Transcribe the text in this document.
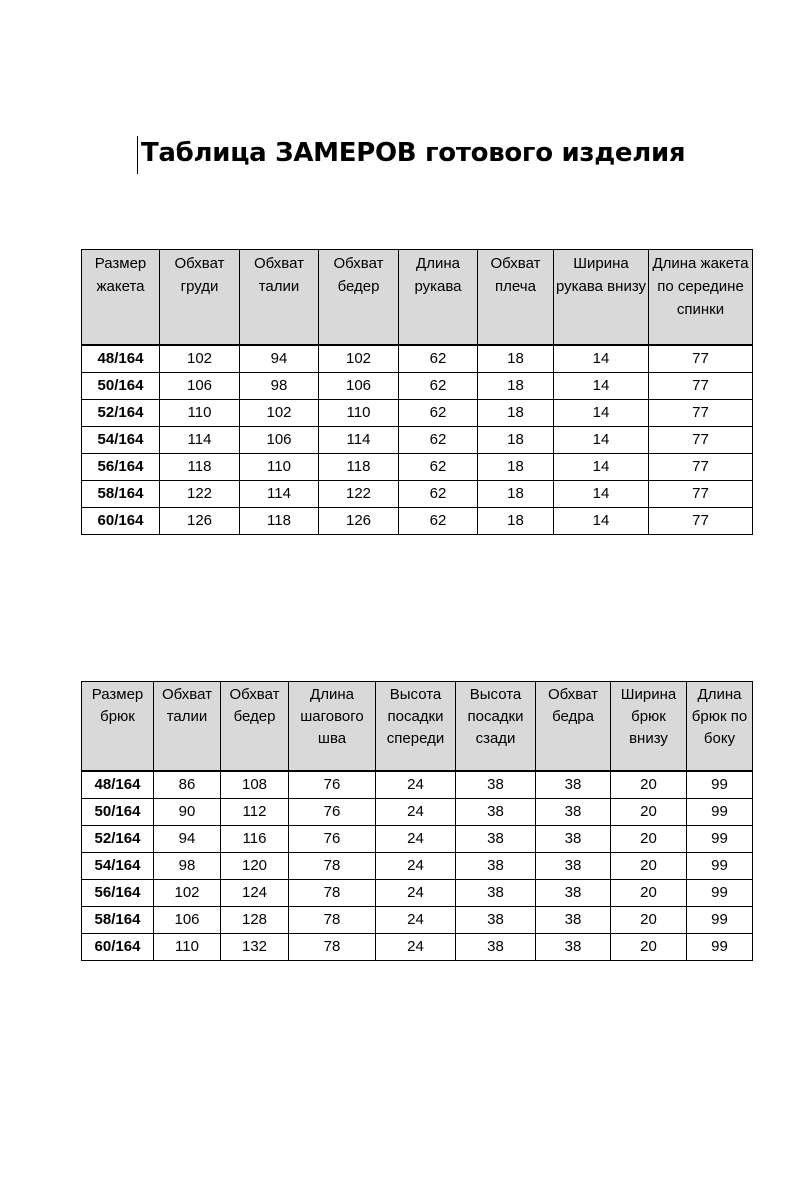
Таблица ЗАМЕРОВ готового изделия
Размер жакета	Обхват груди	Обхват талии	Обхват бедер	Длина рукава	Обхват плеча	Ширина рукава внизу	Длина жакета по середине спинки
48/164	102	94	102	62	18	14	77
50/164	106	98	106	62	18	14	77
52/164	110	102	110	62	18	14	77
54/164	114	106	114	62	18	14	77
56/164	118	110	118	62	18	14	77
58/164	122	114	122	62	18	14	77
60/164	126	118	126	62	18	14	77
Размер брюк	Обхват талии	Обхват бедер	Длина шагового шва	Высота посадки спереди	Высота посадки сзади	Обхват бедра	Ширина брюк внизу	Длина брюк по боку
48/164	86	108	76	24	38	38	20	99
50/164	90	112	76	24	38	38	20	99
52/164	94	116	76	24	38	38	20	99
54/164	98	120	78	24	38	38	20	99
56/164	102	124	78	24	38	38	20	99
58/164	106	128	78	24	38	38	20	99
60/164	110	132	78	24	38	38	20	99
